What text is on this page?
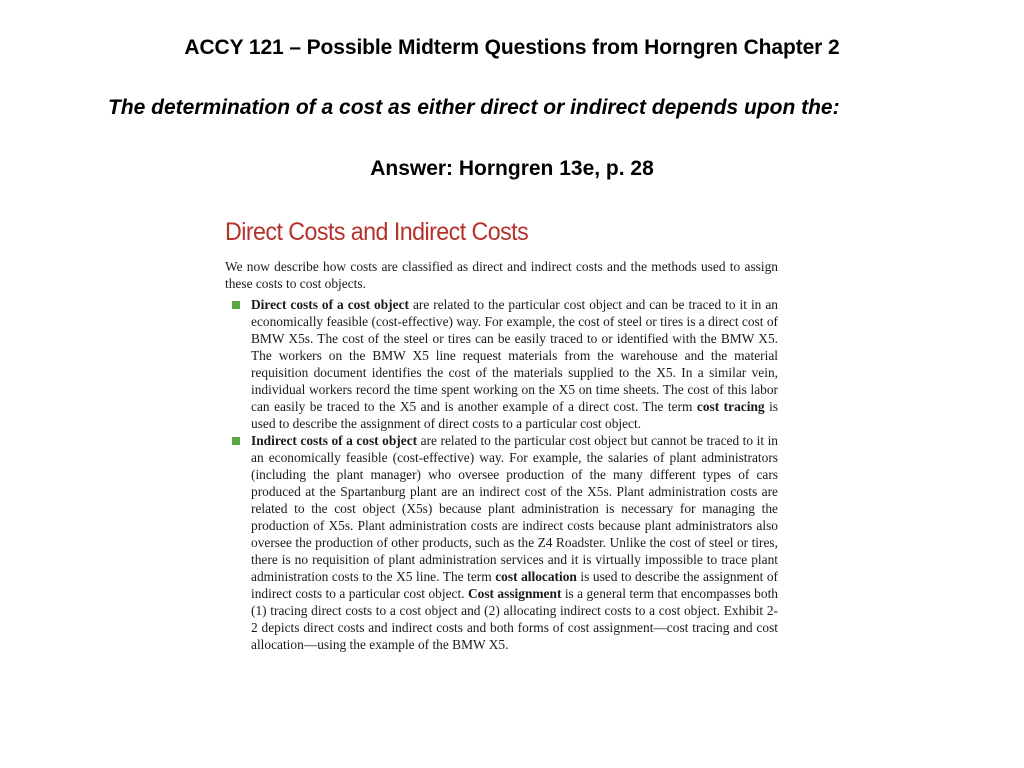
ACCY 121 – Possible Midterm Questions from Horngren Chapter 2
The determination of a cost as either direct or indirect depends upon the:
Answer: Horngren 13e, p. 28
Direct Costs and Indirect Costs

We now describe how costs are classified as direct and indirect costs and the methods used to assign these costs to cost objects.

Direct costs of a cost object are related to the particular cost object and can be traced to it in an economically feasible (cost-effective) way. For example, the cost of steel or tires is a direct cost of BMW X5s. The cost of the steel or tires can be easily traced to or identified with the BMW X5. The workers on the BMW X5 line request materials from the warehouse and the material requisition document identifies the cost of the materials supplied to the X5. In a similar vein, individual workers record the time spent working on the X5 on time sheets. The cost of this labor can easily be traced to the X5 and is another example of a direct cost. The term cost tracing is used to describe the assignment of direct costs to a particular cost object.
Indirect costs of a cost object are related to the particular cost object but cannot be traced to it in an economically feasible (cost-effective) way. For example, the salaries of plant administrators (including the plant manager) who oversee production of the many different types of cars produced at the Spartanburg plant are an indirect cost of the X5s. Plant administration costs are related to the cost object (X5s) because plant administration is necessary for managing the production of X5s. Plant administration costs are indirect costs because plant administrators also oversee the production of other products, such as the Z4 Roadster. Unlike the cost of steel or tires, there is no requisition of plant administration services and it is virtually impossible to trace plant administration costs to the X5 line. The term cost allocation is used to describe the assignment of indirect costs to a particular cost object. Cost assignment is a general term that encompasses both (1) tracing direct costs to a cost object and (2) allocating indirect costs to a cost object. Exhibit 2-2 depicts direct costs and indirect costs and both forms of cost assignment—cost tracing and cost allocation—using the example of the BMW X5.
